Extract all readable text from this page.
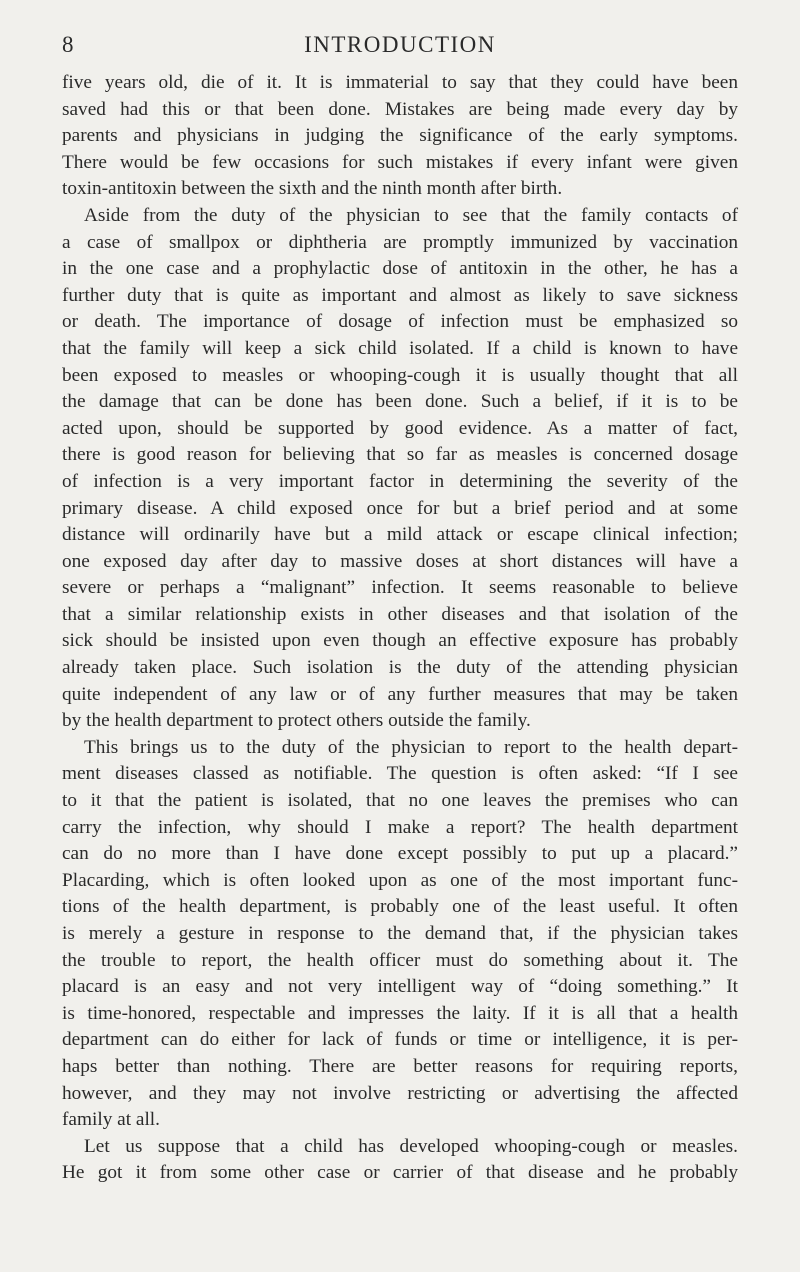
8	INTRODUCTION
five years old, die of it. It is immaterial to say that they could have been
saved had this or that been done. Mistakes are being made every day by
parents and physicians in judging the significance of the early symptoms.
There would be few occasions for such mistakes if every infant were given
toxin-antitoxin between the sixth and the ninth month after birth.
Aside from the duty of the physician to see that the family contacts of
a case of smallpox or diphtheria are promptly immunized by vaccination
in the one case and a prophylactic dose of antitoxin in the other, he has a
further duty that is quite as important and almost as likely to save sickness
or death. The importance of dosage of infection must be emphasized so
that the family will keep a sick child isolated. If a child is known to have
been exposed to measles or whooping-cough it is usually thought that all
the damage that can be done has been done. Such a belief, if it is to be
acted upon, should be supported by good evidence. As a matter of fact,
there is good reason for believing that so far as measles is concerned dosage
of infection is a very important factor in determining the severity of the
primary disease. A child exposed once for but a brief period and at some
distance will ordinarily have but a mild attack or escape clinical infection;
one exposed day after day to massive doses at short distances will have a
severe or perhaps a “malignant” infection. It seems reasonable to believe
that a similar relationship exists in other diseases and that isolation of the
sick should be insisted upon even though an effective exposure has probably
already taken place. Such isolation is the duty of the attending physician
quite independent of any law or of any further measures that may be taken
by the health department to protect others outside the family.
This brings us to the duty of the physician to report to the health depart-
ment diseases classed as notifiable. The question is often asked: “If I see
to it that the patient is isolated, that no one leaves the premises who can
carry the infection, why should I make a report? The health department
can do no more than I have done except possibly to put up a placard.”
Placarding, which is often looked upon as one of the most important func-
tions of the health department, is probably one of the least useful. It often
is merely a gesture in response to the demand that, if the physician takes
the trouble to report, the health officer must do something about it. The
placard is an easy and not very intelligent way of “doing something.” It
is time-honored, respectable and impresses the laity. If it is all that a health
department can do either for lack of funds or time or intelligence, it is per-
haps better than nothing. There are better reasons for requiring reports,
however, and they may not involve restricting or advertising the affected
family at all.
Let us suppose that a child has developed whooping-cough or measles.
He got it from some other case or carrier of that disease and he probably
